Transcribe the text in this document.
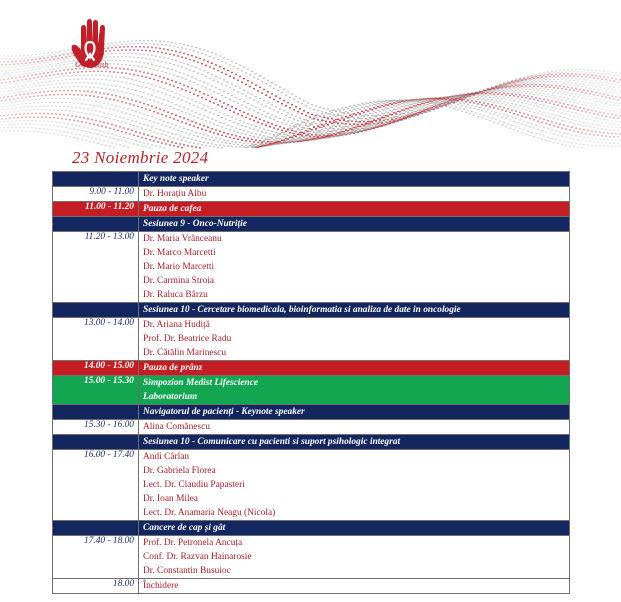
OncoHub
23 Noiembrie 2024

	Key note speaker

9.00 - 11.00	Dr. Horațiu Albu

11.00 - 11.20	Pauza de cafea

	Sesiunea 9 - Onco-Nutriție

11.20 - 13.00	Dr. Maria Vrânceanu
Dr. Marco Marcetti
Dr. Mario Marcetti
Dr. Carmina Stroia
Dr. Raluca Bârzu

	Sesiunea 10 - Cercetare biomedicala, bioinformatia si analiza de date in oncologie

13.00 - 14.00	Dr. Ariana Hudiță
Prof. Dr. Beatrice Radu
Dr. Cătălin Marinescu

14.00 - 15.00	Pauza de prânz

15.00 - 15.30	Simpozion Medist Lifescience
Laboratorium

	Navigatorul de pacienți - Keynote speaker

15.30 - 16.00	Alina Comănescu

	Sesiunea 10 - Comunicare cu pacienti si suport psihologic integrat

16.00 - 17.40	Andi Cârlan
Dr. Gabriela Florea
Lect. Dr. Claudiu Papasteri
Dr. Ioan Milea
Lect. Dr. Anamaria Neagu (Nicola)

	Cancere de cap și gât

17.40 - 18.00	Prof. Dr. Petronela Ancuța
Conf. Dr. Razvan Hainarosie
Dr. Constantin Busuioc

18.00	Închidere
